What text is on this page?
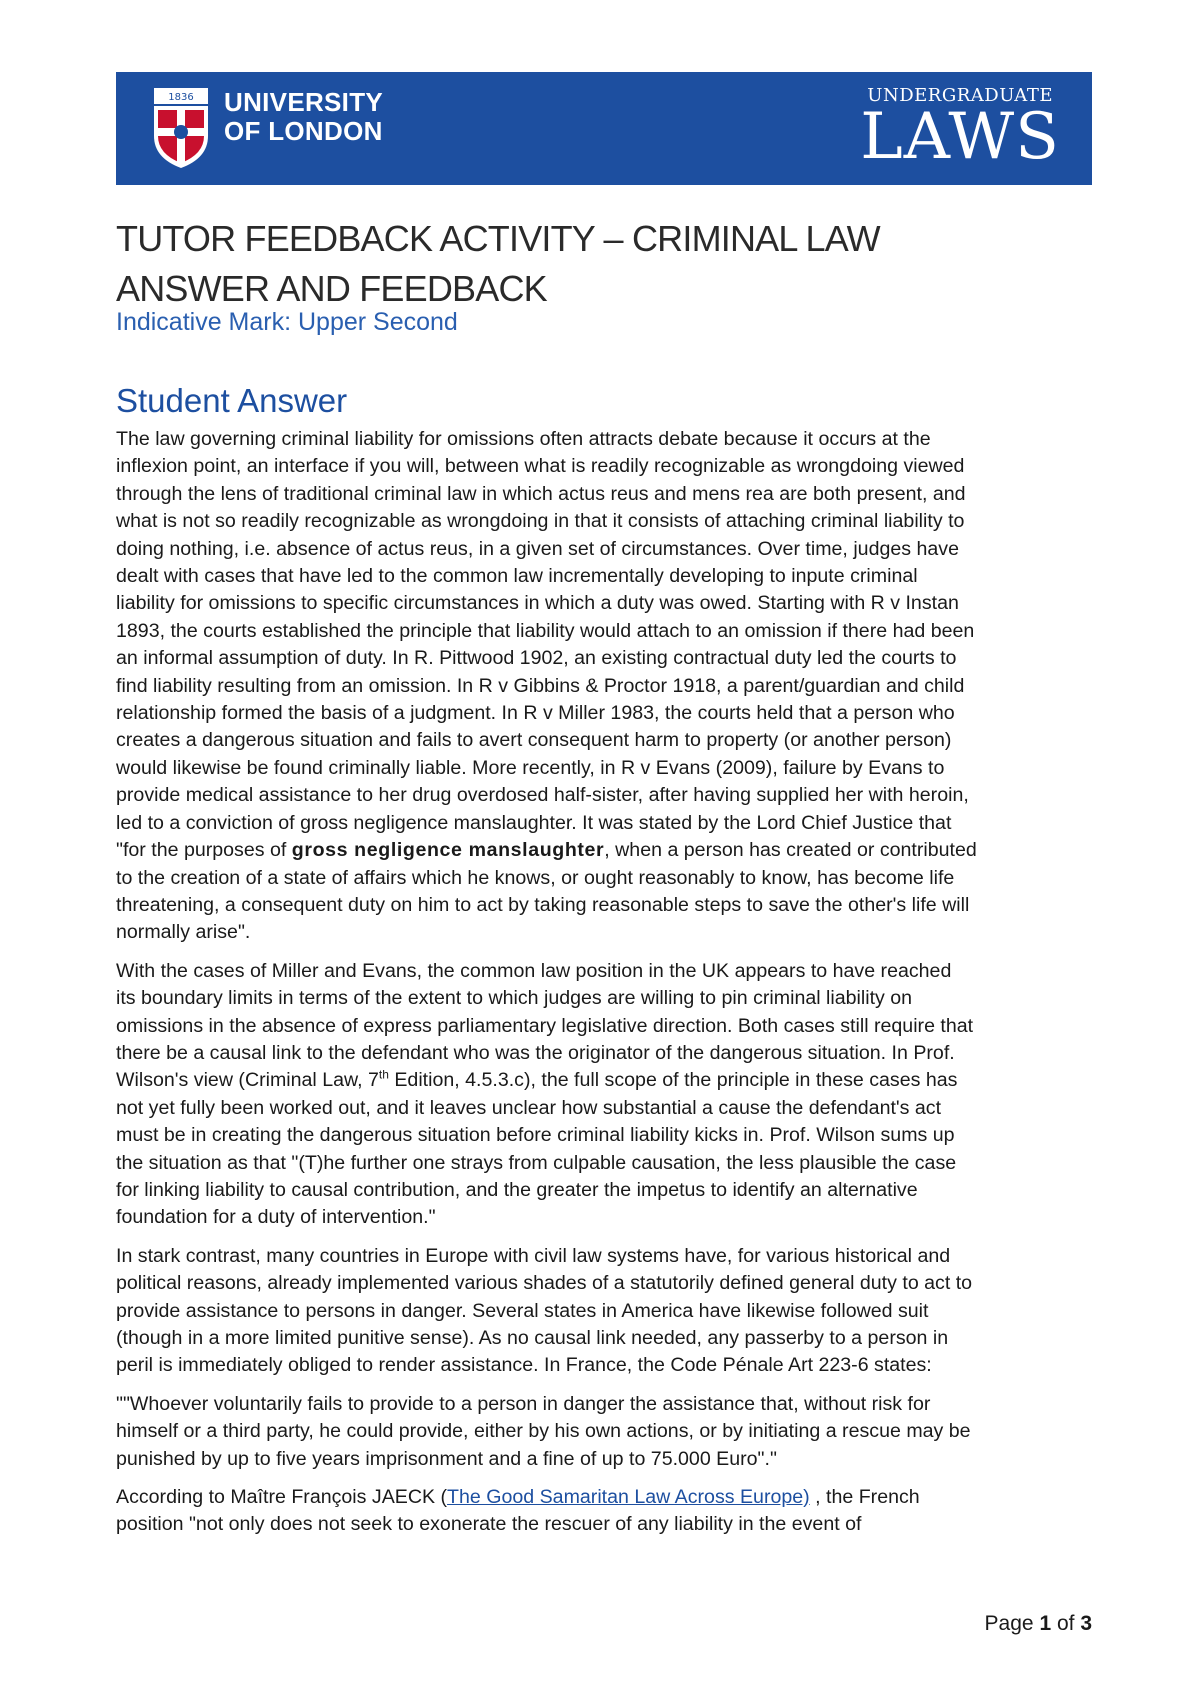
1836 UNIVERSITY
OF LONDON
UNDERGRADUATE
LAWS
TUTOR FEEDBACK ACTIVITY – CRIMINAL LAW
ANSWER AND FEEDBACK
Indicative Mark: Upper Second
Student Answer

The law governing criminal liability for omissions often attracts debate because it occurs at the
inflexion point, an interface if you will, between what is readily recognizable as wrongdoing viewed
through the lens of traditional criminal law in which actus reus and mens rea are both present, and
what is not so readily recognizable as wrongdoing in that it consists of attaching criminal liability to
doing nothing, i.e. absence of actus reus, in a given set of circumstances. Over time, judges have
dealt with cases that have led to the common law incrementally developing to inpute criminal
liability for omissions to specific circumstances in which a duty was owed. Starting with R v Instan
1893, the courts established the principle that liability would attach to an omission if there had been
an informal assumption of duty. In R. Pittwood 1902, an existing contractual duty led the courts to
find liability resulting from an omission. In R v Gibbins & Proctor 1918, a parent/guardian and child
relationship formed the basis of a judgment. In R v Miller 1983, the courts held that a person who
creates a dangerous situation and fails to avert consequent harm to property (or another person)
would likewise be found criminally liable. More recently, in R v Evans (2009), failure by Evans to
provide medical assistance to her drug overdosed half-sister, after having supplied her with heroin,
led to a conviction of gross negligence manslaughter. It was stated by the Lord Chief Justice that
"for the purposes of gross negligence manslaughter, when a person has created or contributed
to the creation of a state of affairs which he knows, or ought reasonably to know, has become life
threatening, a consequent duty on him to act by taking reasonable steps to save the other's life will
normally arise".

With the cases of Miller and Evans, the common law position in the UK appears to have reached
its boundary limits in terms of the extent to which judges are willing to pin criminal liability on
omissions in the absence of express parliamentary legislative direction. Both cases still require that
there be a causal link to the defendant who was the originator of the dangerous situation. In Prof.
Wilson's view (Criminal Law, 7th Edition, 4.5.3.c), the full scope of the principle in these cases has
not yet fully been worked out, and it leaves unclear how substantial a cause the defendant's act
must be in creating the dangerous situation before criminal liability kicks in. Prof. Wilson sums up
the situation as that "(T)he further one strays from culpable causation, the less plausible the case
for linking liability to causal contribution, and the greater the impetus to identify an alternative
foundation for a duty of intervention."

In stark contrast, many countries in Europe with civil law systems have, for various historical and
political reasons, already implemented various shades of a statutorily defined general duty to act to
provide assistance to persons in danger. Several states in America have likewise followed suit
(though in a more limited punitive sense). As no causal link needed, any passerby to a person in
peril is immediately obliged to render assistance. In France, the Code Pénale Art 223-6 states:

""Whoever voluntarily fails to provide to a person in danger the assistance that, without risk for
himself or a third party, he could provide, either by his own actions, or by initiating a rescue may be
punished by up to five years imprisonment and a fine of up to 75.000 Euro"."

According to Maître François JAECK (The Good Samaritan Law Across Europe) , the French
position "not only does not seek to exonerate the rescuer of any liability in the event of

Page 1 of 3
